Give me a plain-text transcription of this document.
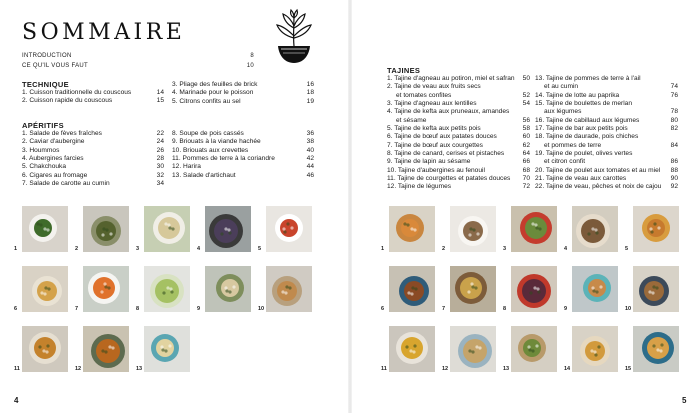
SOMMAIRE
INTRODUCTION	8
CE QU'IL VOUS FAUT	10
TECHNIQUE
1. Cuisson traditionnelle du couscous	14
2. Cuisson rapide du couscous	15
3. Pliage des feuilles de brick	16
4. Marinade pour le poisson	18
5. Citrons confits au sel	19
APÉRITIFS
1. Salade de fèves fraîches	22
2. Caviar d'aubergine	24
3. Hoummos	26
4. Aubergines farcies	28
5. Chakchouka	30
6. Cigares au fromage	32
7. Salade de carotte au cumin	34
8. Soupe de pois cassés	36
9. Briouats à la viande hachée	38
10. Briouats aux crevettes	40
11. Pommes de terre à la coriandre	42
12. Harira	44
13. Salade d'artichaut	46
1	2	3	4	5
6	7	8	9	10
11	12	13
4
TAJINES
1. Tajine d'agneau au potiron, miel et safran	50
2. Tajine de veau aux fruits secs
et tomates confites	52
3. Tajine d'agneau aux lentilles	54
4. Tajine de kefta aux pruneaux, amandes
et sésame	56
5. Tajine de kefta aux petits pois	58
6. Tajine de bœuf aux patates douces	60
7. Tajine de bœuf aux courgettes	62
8. Tajine de canard, cerises et pistaches	64
9. Tajine de lapin au sésame	66
10. Tajine d'aubergines au fenouil	68
11. Tajine de courgettes et patates douces	70
12. Tajine de légumes	72
13. Tajine de pommes de terre à l'ail
et au cumin	74
14. Tajine de lotte au paprika	76
15. Tajine de boulettes de merlan
aux légumes	78
16. Tajine de cabillaud aux légumes	80
17. Tajine de bar aux petits pois	82
18. Tajine de daurade, pois chiches
et pommes de terre	84
19. Tajine de poulet, olives vertes
et citron confit	86
20. Tajine de poulet aux tomates et au miel	88
21. Tajine de veau aux carottes	90
22. Tajine de veau, pêches et noix de cajou	92
1	2	3	4	5
6	7	8	9	10
11	12	13	14	15
5
